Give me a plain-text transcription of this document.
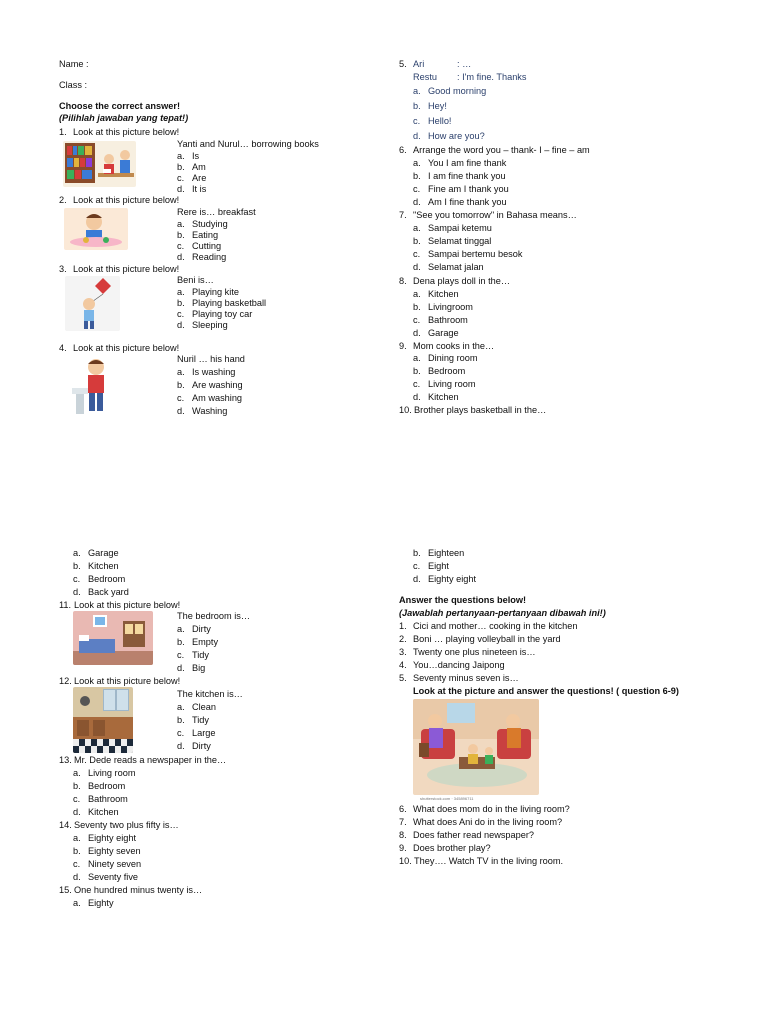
Name :
Class :
Choose the correct answer!
(Pilihlah jawaban yang tepat!)
1. Look at this picture below!
Yanti and Nurul… borrowing books
a. Is
b. Am
c. Are
d. It is
2. Look at this picture below!
Rere is… breakfast
a. Studying
b. Eating
c. Cutting
d. Reading
3. Look at this picture below!
Beni is…
a. Playing kite
b. Playing basketball
c. Playing toy car
d. Sleeping
4. Look at this picture below!
Nuril … his hand
a. Is washing
b. Are washing
c. Am washing
d. Washing
5. Ari	: …
Restu : I'm fine. Thanks
a. Good morning
b. Hey!
c. Hello!
d. How are you?
6. Arrange the word you – thank- I – fine – am
a. You I am fine thank
b. I am fine thank you
c. Fine am I thank you
d. Am I fine thank you
7. "See you tomorrow" in Bahasa means…
a. Sampai ketemu
b. Selamat tinggal
c. Sampai bertemu besok
d. Selamat jalan
8. Dena plays doll in the…
a. Kitchen
b. Livingroom
c. Bathroom
d. Garage
9. Mom cooks in the…
a. Dining room
b. Bedroom
c. Living room
d. Kitchen
10. Brother plays basketball in the…
a. Garage
b. Kitchen
c. Bedroom
d. Back yard
11. Look at this picture below!
The bedroom is…
a. Dirty
b. Empty
c. Tidy
d. Big
12. Look at this picture below!
The kitchen is…
a. Clean
b. Tidy
c. Large
d. Dirty
13. Mr. Dede reads a newspaper in the…
a. Living room
b. Bedroom
c. Bathroom
d. Kitchen
14. Seventy two plus fifty is…
a. Eighty eight
b. Eighty seven
c. Ninety seven
d. Seventy five
15. One hundred minus twenty is…
a. Eighty
b. Eighteen
c. Eight
d. Eighty eight
Answer the questions below!
(Jawablah pertanyaan-pertanyaan dibawah ini!)
1. Cici and mother… cooking in the kitchen
2. Boni … playing volleyball in the yard
3. Twenty one plus nineteen is…
4. You…dancing Jaipong
5. Seventy minus seven is…
Look at the picture and answer the questions! ( question 6-9)
shutterstock.com · 345896711
6. What does mom do in the living room?
7. What does Ani do in the living room?
8. Does father read newspaper?
9. Does brother play?
10. They…. Watch TV in the living room.
